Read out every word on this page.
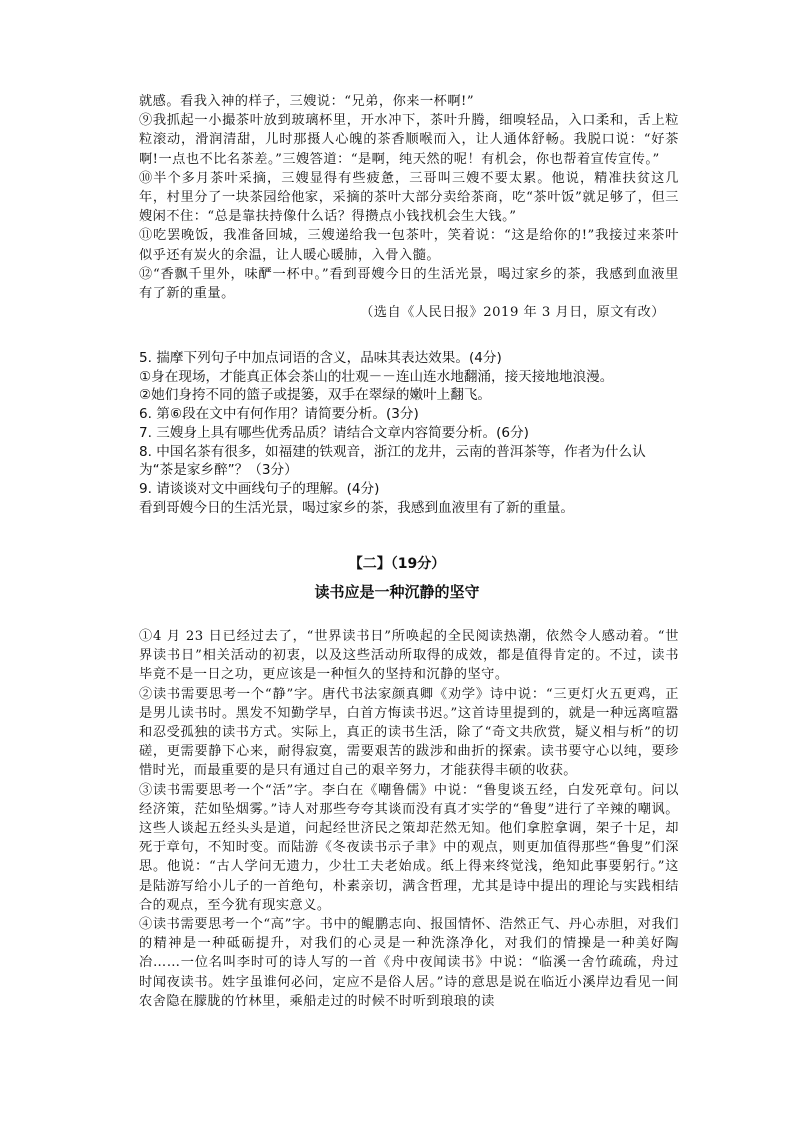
就感。看我入神的样子，三嫂说：“兄弟，你来一杯啊!”

⑨我抓起一小撮茶叶放到玻璃杯里，开水冲下，茶叶升腾，细嗅轻品，入口柔和，舌上粒粒滚动，滑润清甜，儿时那摄人心魄的茶香顺喉而入，让人通体舒畅。我脱口说：“好茶啊!一点也不比名茶差。”三嫂答道：“是啊，纯天然的呢！有机会，你也帮着宣传宣传。”

⑩半个多月茶叶采摘，三嫂显得有些疲惫，三哥叫三嫂不要太累。他说，精准扶贫这几年，村里分了一块茶园给他家，采摘的茶叶大部分卖给茶商，吃“茶叶饭”就足够了，但三嫂闲不住：“总是靠扶持像什么话？得攒点小钱找机会生大钱。”

⑪吃罢晚饭，我准备回城，三嫂递给我一包茶叶，笑着说：“这是给你的!”我接过来茶叶似乎还有炭火的余温，让人暖心暖肺，入骨入髓。

⑫“香飘千里外，味酽一杯中。”看到哥嫂今日的生活光景，喝过家乡的茶，我感到血液里有了新的重量。

（选自《人民日报》2019 年 3 月日，原文有改）

5. 揣摩下列句子中加点词语的含义，品味其表达效果。(4分)

①身在现场，才能真正体会茶山的壮观－－连山连水地翻涌，接天接地地浪漫。

②她们身挎不同的篮子或提篓，双手在翠绿的嫩叶上翻飞。

6. 第⑥段在文中有何作用？请简要分析。(3分)

7. 三嫂身上具有哪些优秀品质？请结合文章内容简要分析。(6分)

8. 中国名茶有很多，如福建的铁观音，浙江的龙井，云南的普洱茶等，作者为什么认为“茶是家乡醉”？（3分）

9. 请谈谈对文中画线句子的理解。(4分)

看到哥嫂今日的生活光景，喝过家乡的茶，我感到血液里有了新的重量。

【二】（19分）
读书应是一种沉静的坚守

①4 月 23 日已经过去了，“世界读书日”所唤起的全民阅读热潮，依然令人感动着。“世界读书日”相关活动的初衷，以及这些活动所取得的成效，都是值得肯定的。不过，读书毕竟不是一日之功，更应该是一种恒久的坚持和沉静的坚守。

②读书需要思考一个“静”字。唐代书法家颜真卿《劝学》诗中说：“三更灯火五更鸡，正是男儿读书时。黑发不知勤学早，白首方悔读书迟。”这首诗里提到的，就是一种远离喧嚣和忍受孤独的读书方式。实际上，真正的读书生活，除了“奇文共欣赏，疑义相与析”的切磋，更需要静下心来，耐得寂寞，需要艰苦的跋涉和曲折的探索。读书要守心以纯，要珍惜时光，而最重要的是只有通过自己的艰辛努力，才能获得丰硕的收获。

③读书需要思考一个“活”字。李白在《嘲鲁儒》中说：“鲁叟谈五经，白发死章句。问以经济策，茫如坠烟雾。”诗人对那些夸夸其谈而没有真才实学的“鲁叟”进行了辛辣的嘲讽。这些人谈起五经头头是道，问起经世济民之策却茫然无知。他们拿腔拿调，架子十足，却死于章句，不知时变。而陆游《冬夜读书示子聿》中的观点，则更加值得那些“鲁叟”们深思。他说：“古人学问无遗力，少壮工夫老始成。纸上得来终觉浅，绝知此事要躬行。”这是陆游写给小儿子的一首绝句，朴素亲切，满含哲理，尤其是诗中提出的理论与实践相结合的观点，至今犹有现实意义。

④读书需要思考一个“高”字。书中的鲲鹏志向、报国情怀、浩然正气、丹心赤胆，对我们的精神是一种砥砺提升，对我们的心灵是一种洗涤净化，对我们的情操是一种美好陶冶……一位名叫李时可的诗人写的一首《舟中夜闻读书》中说：“临溪一舍竹疏疏，舟过时闻夜读书。姓字虽谁何必问，定应不是俗人居。”诗的意思是说在临近小溪岸边看见一间农舍隐在朦胧的竹林里，乘船走过的时候不时听到琅琅的读
